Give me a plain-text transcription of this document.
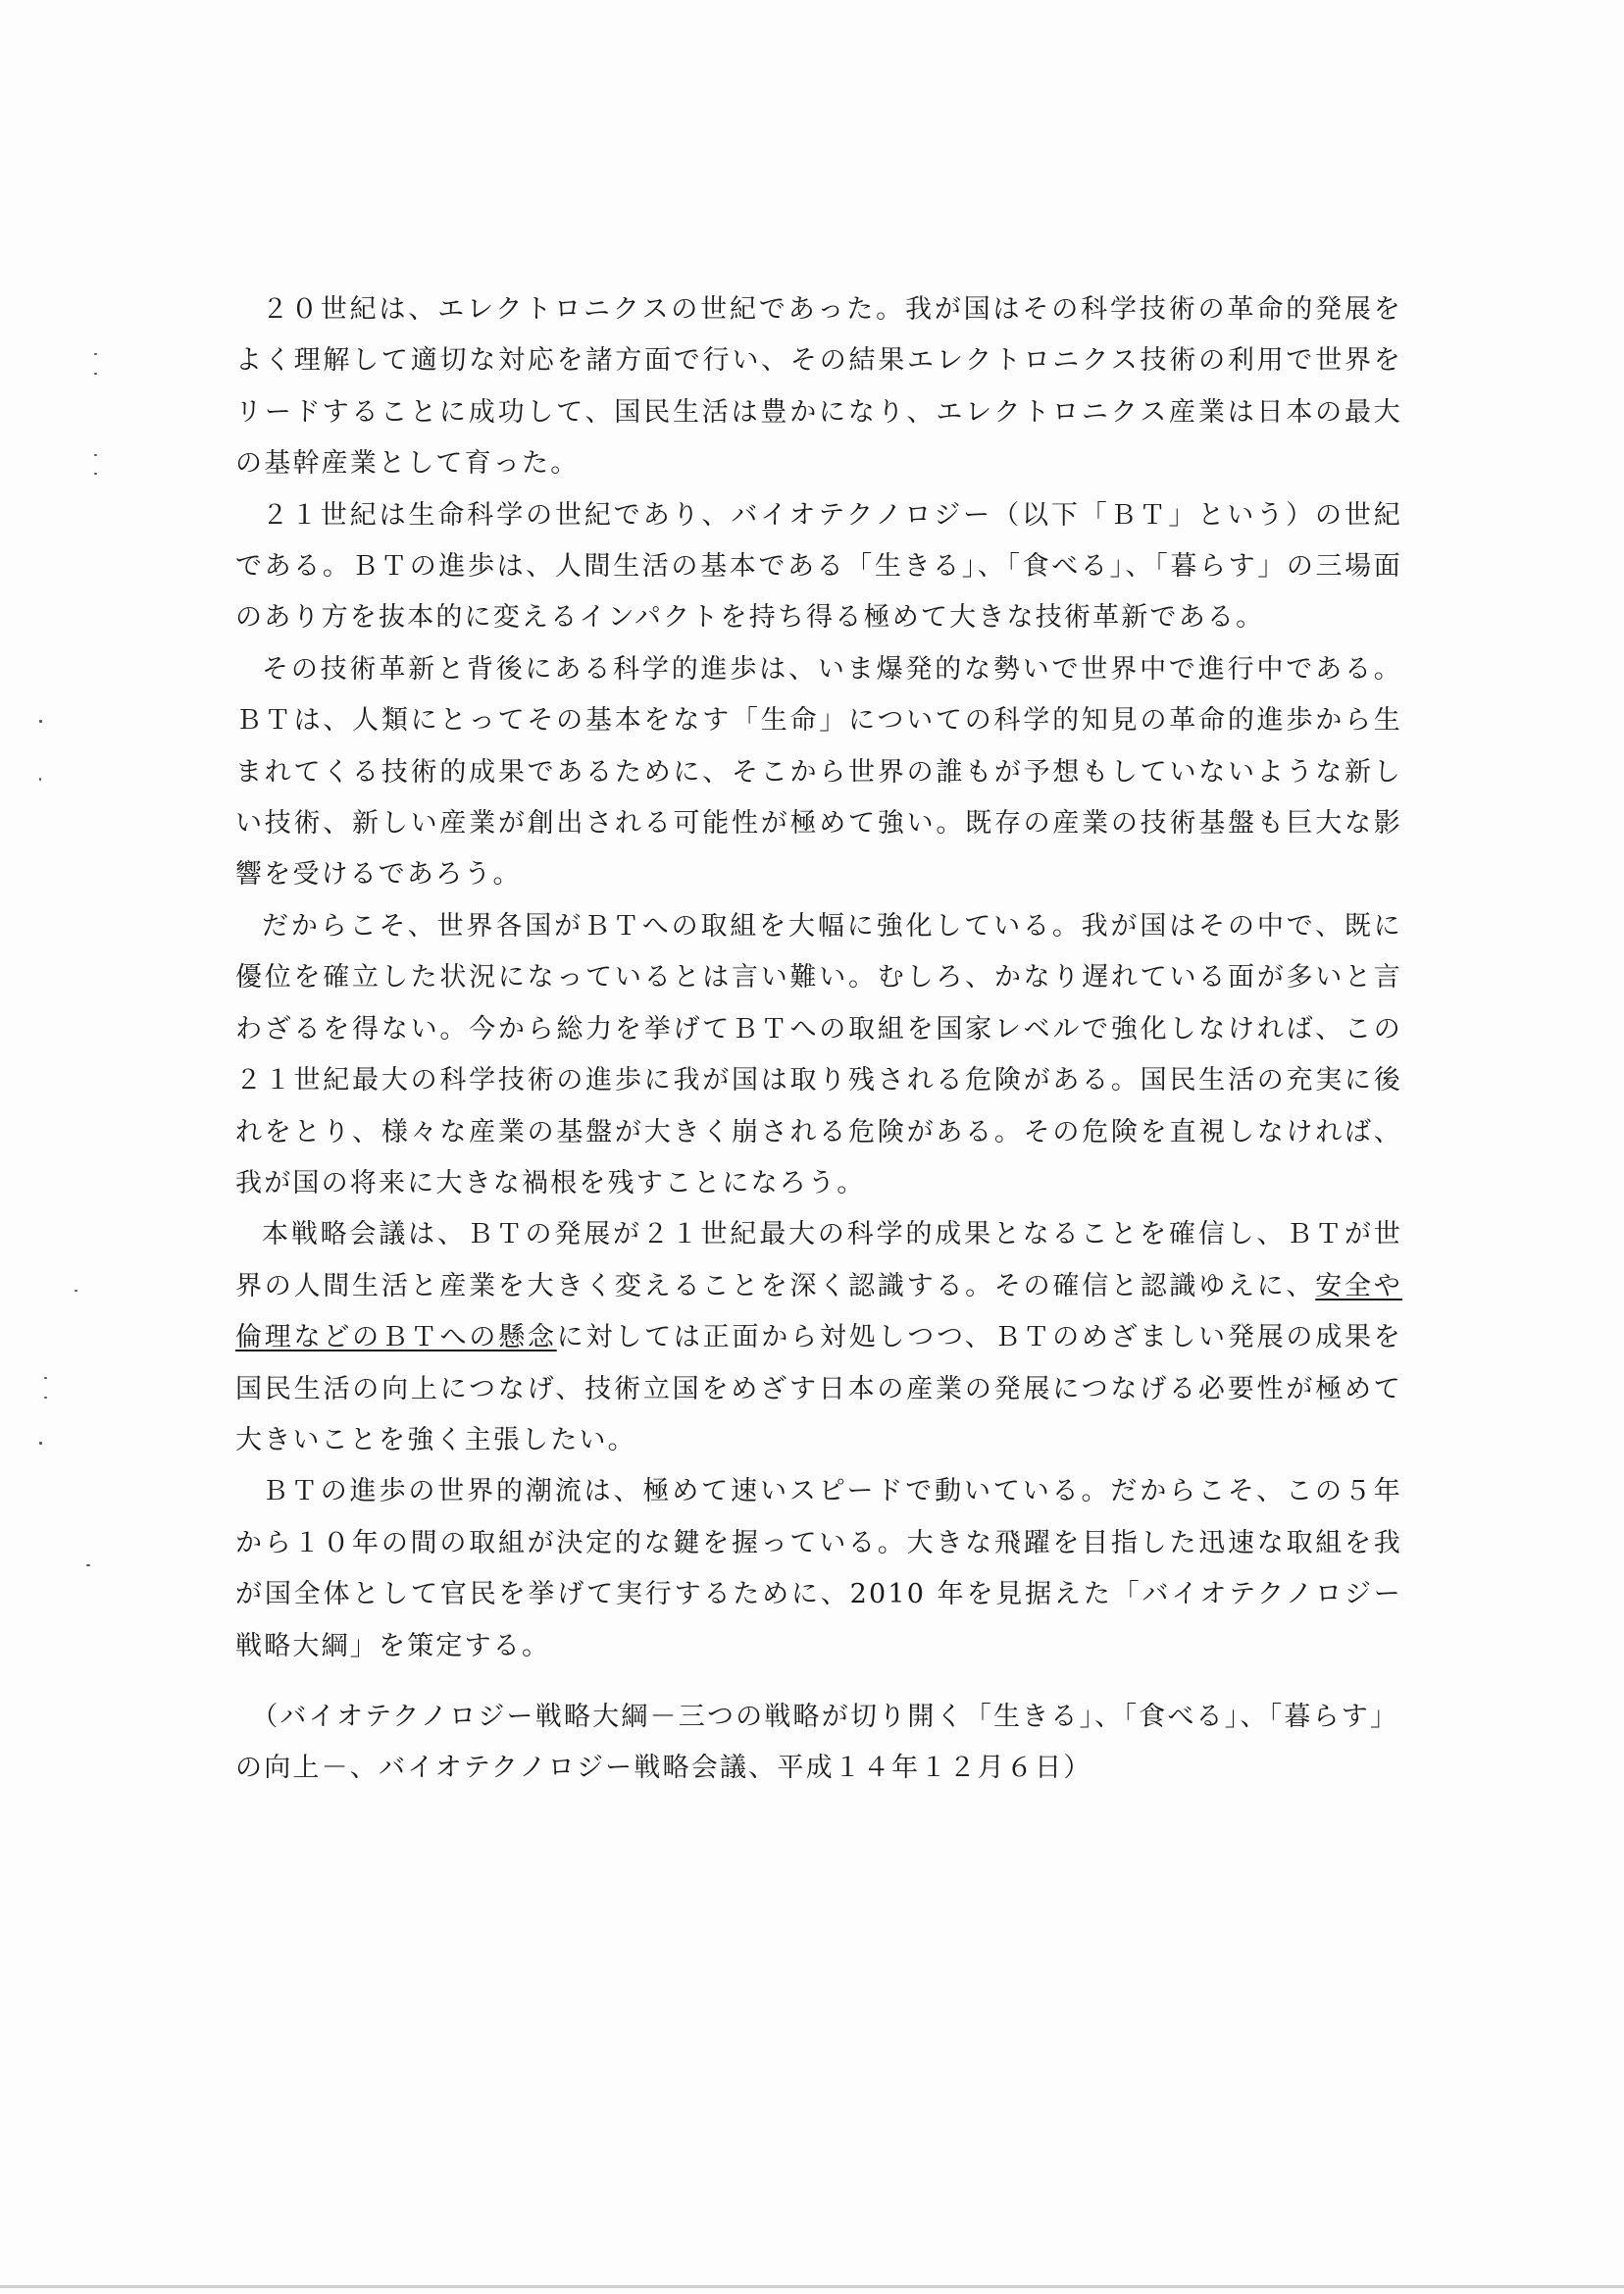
２０世紀は、エレクトロニクスの世紀であった。我が国はその科学技術の革命的発展をよく理解して適切な対応を諸方面で行い、その結果エレクトロニクス技術の利用で世界をリードすることに成功して、国民生活は豊かになり、エレクトロニクス産業は日本の最大の基幹産業として育った。

２１世紀は生命科学の世紀であり、バイオテクノロジー（以下「ＢＴ」という）の世紀である。ＢＴの進歩は、人間生活の基本である「生きる」、「食べる」、「暮らす」の三場面のあり方を抜本的に変えるインパクトを持ち得る極めて大きな技術革新である。

その技術革新と背後にある科学的進歩は、いま爆発的な勢いで世界中で進行中である。ＢＴは、人類にとってその基本をなす「生命」についての科学的知見の革命的進歩から生まれてくる技術的成果であるために、そこから世界の誰もが予想もしていないような新しい技術、新しい産業が創出される可能性が極めて強い。既存の産業の技術基盤も巨大な影響を受けるであろう。

だからこそ、世界各国がＢＴへの取組を大幅に強化している。我が国はその中で、既に優位を確立した状況になっているとは言い難い。むしろ、かなり遅れている面が多いと言わざるを得ない。今から総力を挙げてＢＴへの取組を国家レベルで強化しなければ、この２１世紀最大の科学技術の進歩に我が国は取り残される危険がある。国民生活の充実に後れをとり、様々な産業の基盤が大きく崩される危険がある。その危険を直視しなければ、我が国の将来に大きな禍根を残すことになろう。

本戦略会議は、ＢＴの発展が２１世紀最大の科学的成果となることを確信し、ＢＴが世界の人間生活と産業を大きく変えることを深く認識する。その確信と認識ゆえに、安全や倫理などのＢＴへの懸念に対しては正面から対処しつつ、ＢＴのめざましい発展の成果を国民生活の向上につなげ、技術立国をめざす日本の産業の発展につなげる必要性が極めて大きいことを強く主張したい。

ＢＴの進歩の世界的潮流は、極めて速いスピードで動いている。だからこそ、この５年から１０年の間の取組が決定的な鍵を握っている。大きな飛躍を目指した迅速な取組を我が国全体として官民を挙げて実行するために、2010 年を見据えた「バイオテクノロジー戦略大綱」を策定する。

（バイオテクノロジー戦略大綱－三つの戦略が切り開く「生きる」、「食べる」、「暮らす」の向上－、バイオテクノロジー戦略会議、平成１４年１２月６日）
